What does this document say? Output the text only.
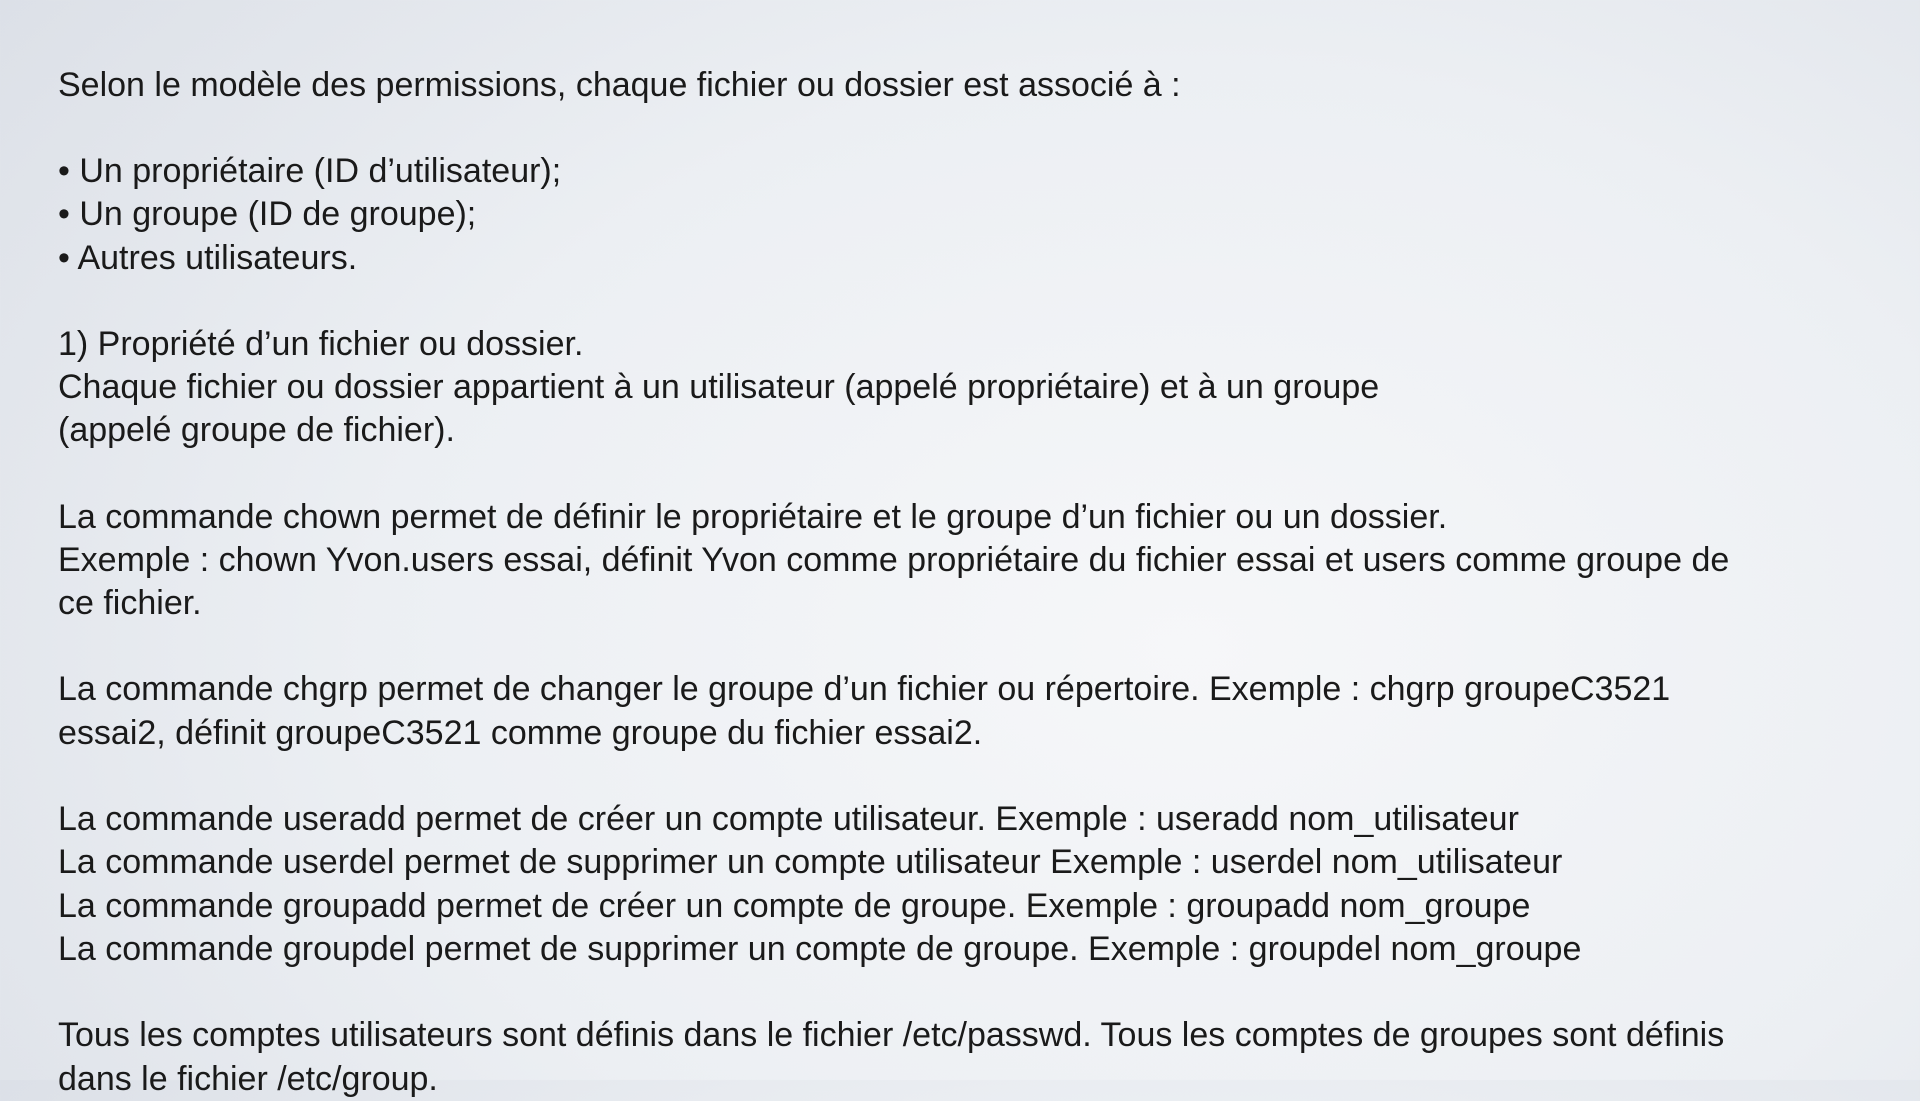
Selon le modèle des permissions, chaque fichier ou dossier est associé à :
• Un propriétaire (ID d’utilisateur);
• Un groupe (ID de groupe);
• Autres utilisateurs.
1) Propriété d’un fichier ou dossier.
Chaque fichier ou dossier appartient à un utilisateur (appelé propriétaire) et à un groupe
(appelé groupe de fichier).
La commande chown permet de définir le propriétaire et le groupe d’un fichier ou un dossier.
Exemple : chown Yvon.users essai, définit Yvon comme propriétaire du fichier essai et users comme groupe de
ce fichier.
La commande chgrp permet de changer le groupe d’un fichier ou répertoire. Exemple : chgrp groupeC3521
essai2, définit groupeC3521 comme groupe du fichier essai2.
La commande useradd permet de créer un compte utilisateur. Exemple : useradd nom_utilisateur
La commande userdel permet de supprimer un compte utilisateur Exemple : userdel nom_utilisateur
La commande groupadd permet de créer un compte de groupe. Exemple : groupadd nom_groupe
La commande groupdel permet de supprimer un compte de groupe. Exemple : groupdel nom_groupe
Tous les comptes utilisateurs sont définis dans le fichier /etc/passwd. Tous les comptes de groupes sont définis
dans le fichier /etc/group.
